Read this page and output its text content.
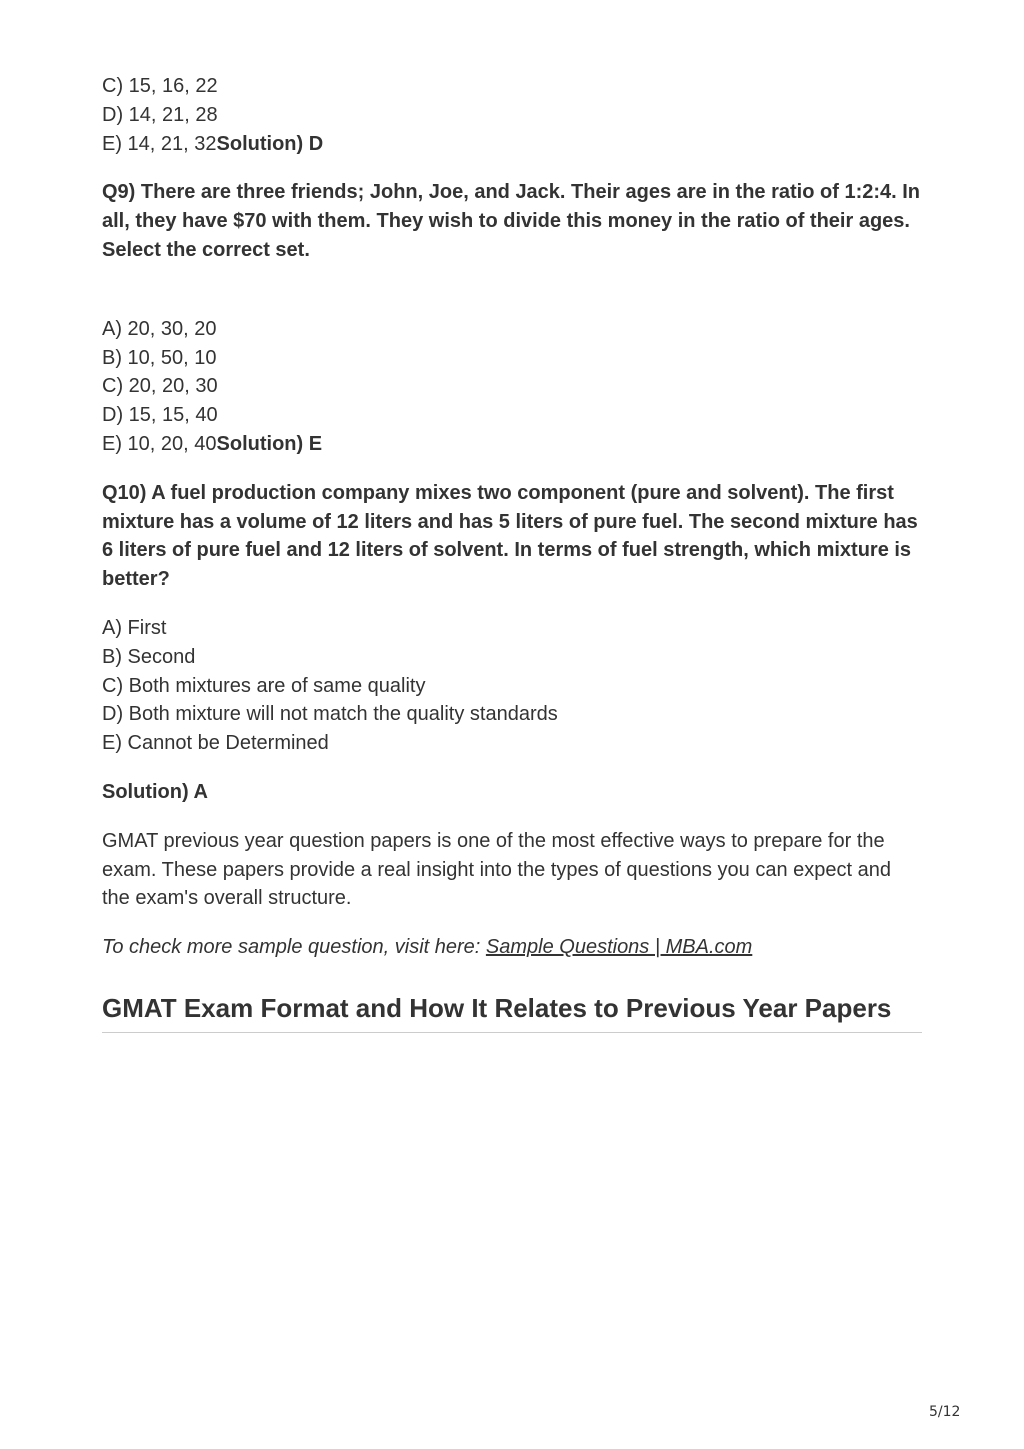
C) 15, 16, 22
D) 14, 21, 28
E) 14, 21, 32Solution) D

Q9) There are three friends; John, Joe, and Jack. Their ages are in the ratio of 1:2:4. In all, they have $70 with them. They wish to divide this money in the ratio of their ages. Select the correct set.

A) 20, 30, 20
B) 10, 50, 10
C) 20, 20, 30
D) 15, 15, 40
E) 10, 20, 40Solution) E

Q10) A fuel production company mixes two component (pure and solvent). The first mixture has a volume of 12 liters and has 5 liters of pure fuel. The second mixture has 6 liters of pure fuel and 12 liters of solvent. In terms of fuel strength, which mixture is better?

A) First
B) Second
C) Both mixtures are of same quality
D) Both mixture will not match the quality standards
E) Cannot be Determined

Solution) A

GMAT previous year question papers is one of the most effective ways to prepare for the exam. These papers provide a real insight into the types of questions you can expect and the exam's overall structure.

To check more sample question, visit here: Sample Questions | MBA.com

GMAT Exam Format and How It Relates to Previous Year Papers
5/12
